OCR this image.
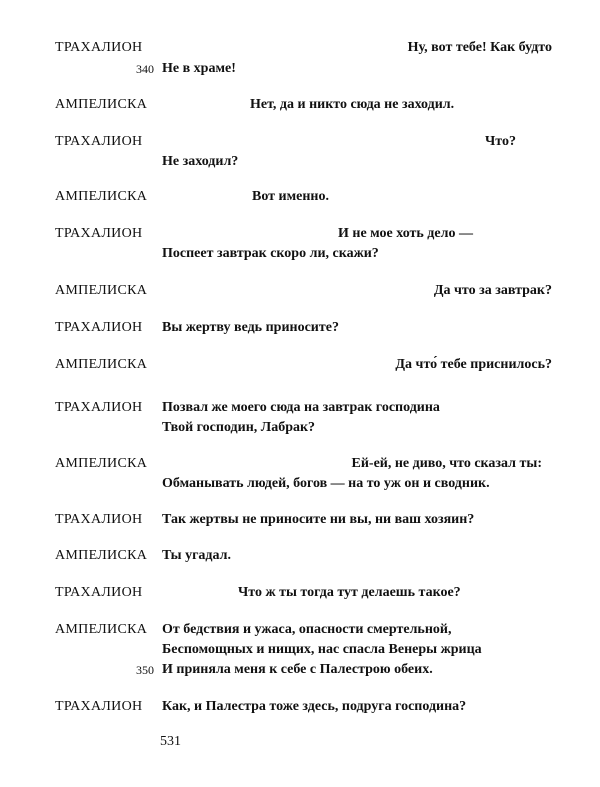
ТРАХАЛИОН	Ну, вот тебе! Как будто
340 Не в храме!
АМПЕЛИСКА	Нет, да и никто сюда не заходил.
ТРАХАЛИОН	Что?
Не заходил?
АМПЕЛИСКА	Вот именно.
ТРАХАЛИОН	И не мое хоть дело —
Поспеет завтрак скоро ли, скажи?
АМПЕЛИСКА	Да что за завтрак?
ТРАХАЛИОН	Вы жертву ведь приносите?
АМПЕЛИСКА	Да что́ тебе приснилось?
ТРАХАЛИОН	Позвал же моего сюда на завтрак господина
Твой господин, Лабрак?
АМПЕЛИСКА	Ей-ей, не диво, что сказал ты:
Обманывать людей, богов — на то уж он и сводник.
ТРАХАЛИОН	Так жертвы не приносите ни вы, ни ваш хозяин?
АМПЕЛИСКА	Ты угадал.
ТРАХАЛИОН	Что ж ты тогда тут делаешь такое?
АМПЕЛИСКА	От бедствия и ужаса, опасности смертельной,
Беспомощных и нищих, нас спасла Венеры жрица
350 И приняла меня к себе с Палестрою обеих.
ТРАХАЛИОН	Как, и Палестра тоже здесь, подруга господина?
531
